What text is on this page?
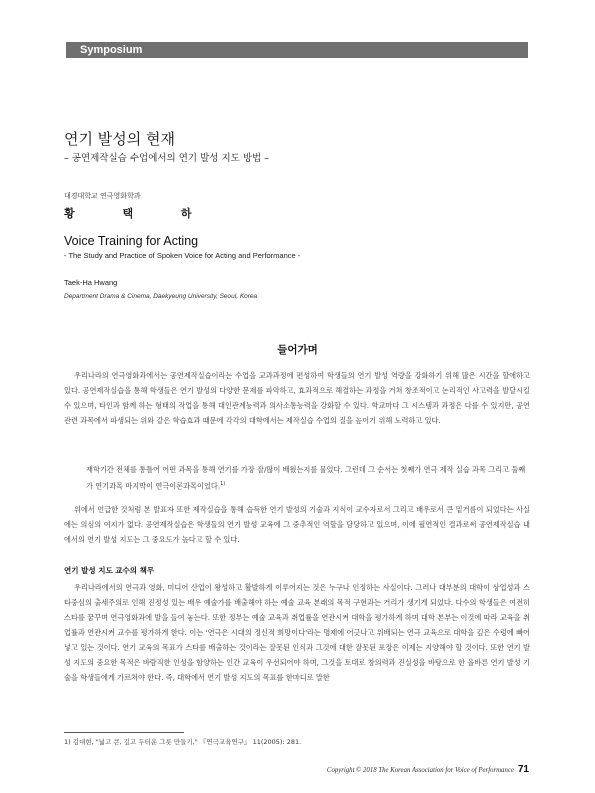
Symposium
연기 발성의 현재
– 공연제작실습 수업에서의 연기 발성 지도 방법 –
대경대학교 연극영화학과
황 택 하
Voice Training for Acting
- The Study and Practice of Spoken Voice for Acting and Performance -
Taek-Ha Hwang
Department Drama & Cinema, Daekyeung University, Seoul, Korea
들어가며

우리나라의 연극영화과에서는 공연제작실습이라는 수업을 교과과정에 편성하여 학생들의 연기 발성 역량을 강화하기 위해 많은 시간을 할애하고 있다. 공연제작실습을 통해 학생들은 연기 발성의 다양한 문제를 파악하고, 효과적으로 해결하는 과정을 거쳐 창조적이고 논리적인 사고력을 발달시킬 수 있으며, 타인과 함께 하는 형태의 작업을 통해 대인관계능력과 의사소통능력을 강화할 수 있다. 학교마다 그 시스템과 과정은 다를 수 있지만, 공연관련 과목에서 파생되는 위와 같은 학습효과 때문에 각각의 대학에서는 제작실습 수업의 질을 높이기 위해 노력하고 있다.

재학기간 전체를 통틀어 어떤 과목을 통해 연기를 가장 잘/많이 배웠는지를 물었다. 그런데 그 순서는 첫째가 연극 제작 실습 과목 그리고 둘째가 연기과목 마지막이 연극이론과목이었다.$^{1)}$

위에서 언급한 것처럼 본 발표자 또한 제작실습을 통해 습득한 연기 발성의 기술과 지식이 교수자로서 그리고 배우로서 큰 밑거름이 되었다는 사실에는 의심의 여지가 없다. 공연제작실습은 학생들의 연기 발성 교육에 그 중추적인 역할을 담당하고 있으며, 이에 필연적인 결과로써 공연제작실습 내에서의 연기 발성 지도는 그 중요도가 높다고 할 수 있다.

연기 발성 지도 교수의 책무

우리나라에서의 연극과 영화, 미디어 산업이 왕성하고 활발하게 이루어지는 것은 누구나 인정하는 사실이다. 그러나 대부분의 대학이 상업성과 스타중심의 출세주의로 인해 진정성 있는 배우 예술가를 배출해야 하는 예술 교육 본래의 목적 구현과는 거리가 생기게 되었다. 다수의 학생들은 여전히 스타를 꿈꾸며 연극영화과에 발을 들여 놓는다. 또한 정부는 예술 교육과 취업률을 연관시켜 대학을 평가하게 하며 대학 본부는 이것에 따라 교육을 취업률과 연관시켜 교수를 평가하게 한다. 이는 '연극은 시대의 정신적 희망이다'라는 명제에 어긋나고 위배되는 연극 교육으로 대학을 깊은 수렁에 빠어 넣고 있는 것이다. 연기 교육의 목표가 스타를 배출하는 것이라는 잘못된 인식과 그것에 대한 잘못된 포장은 이제는 지양해야 할 것이다. 또한 연기 발성 지도의 중요한 목적은 바람직한 인성을 함양하는 인간 교육이 우선되어야 하며, 그것을 토대로 창의력과 진실성을 바탕으로 한 올바른 연기 발성 기술을 학생들에게 가르쳐야 한다. 즉, 대학에서 연기 발성 지도의 목표를 한마디로 말한

1) 김대현, "넓고 큰, 깊고 두터운 그릇 만들기," 『연극교육연구』 11(2005): 281.
Copyright © 2018 The Korean Association for Voice of Performance 71
